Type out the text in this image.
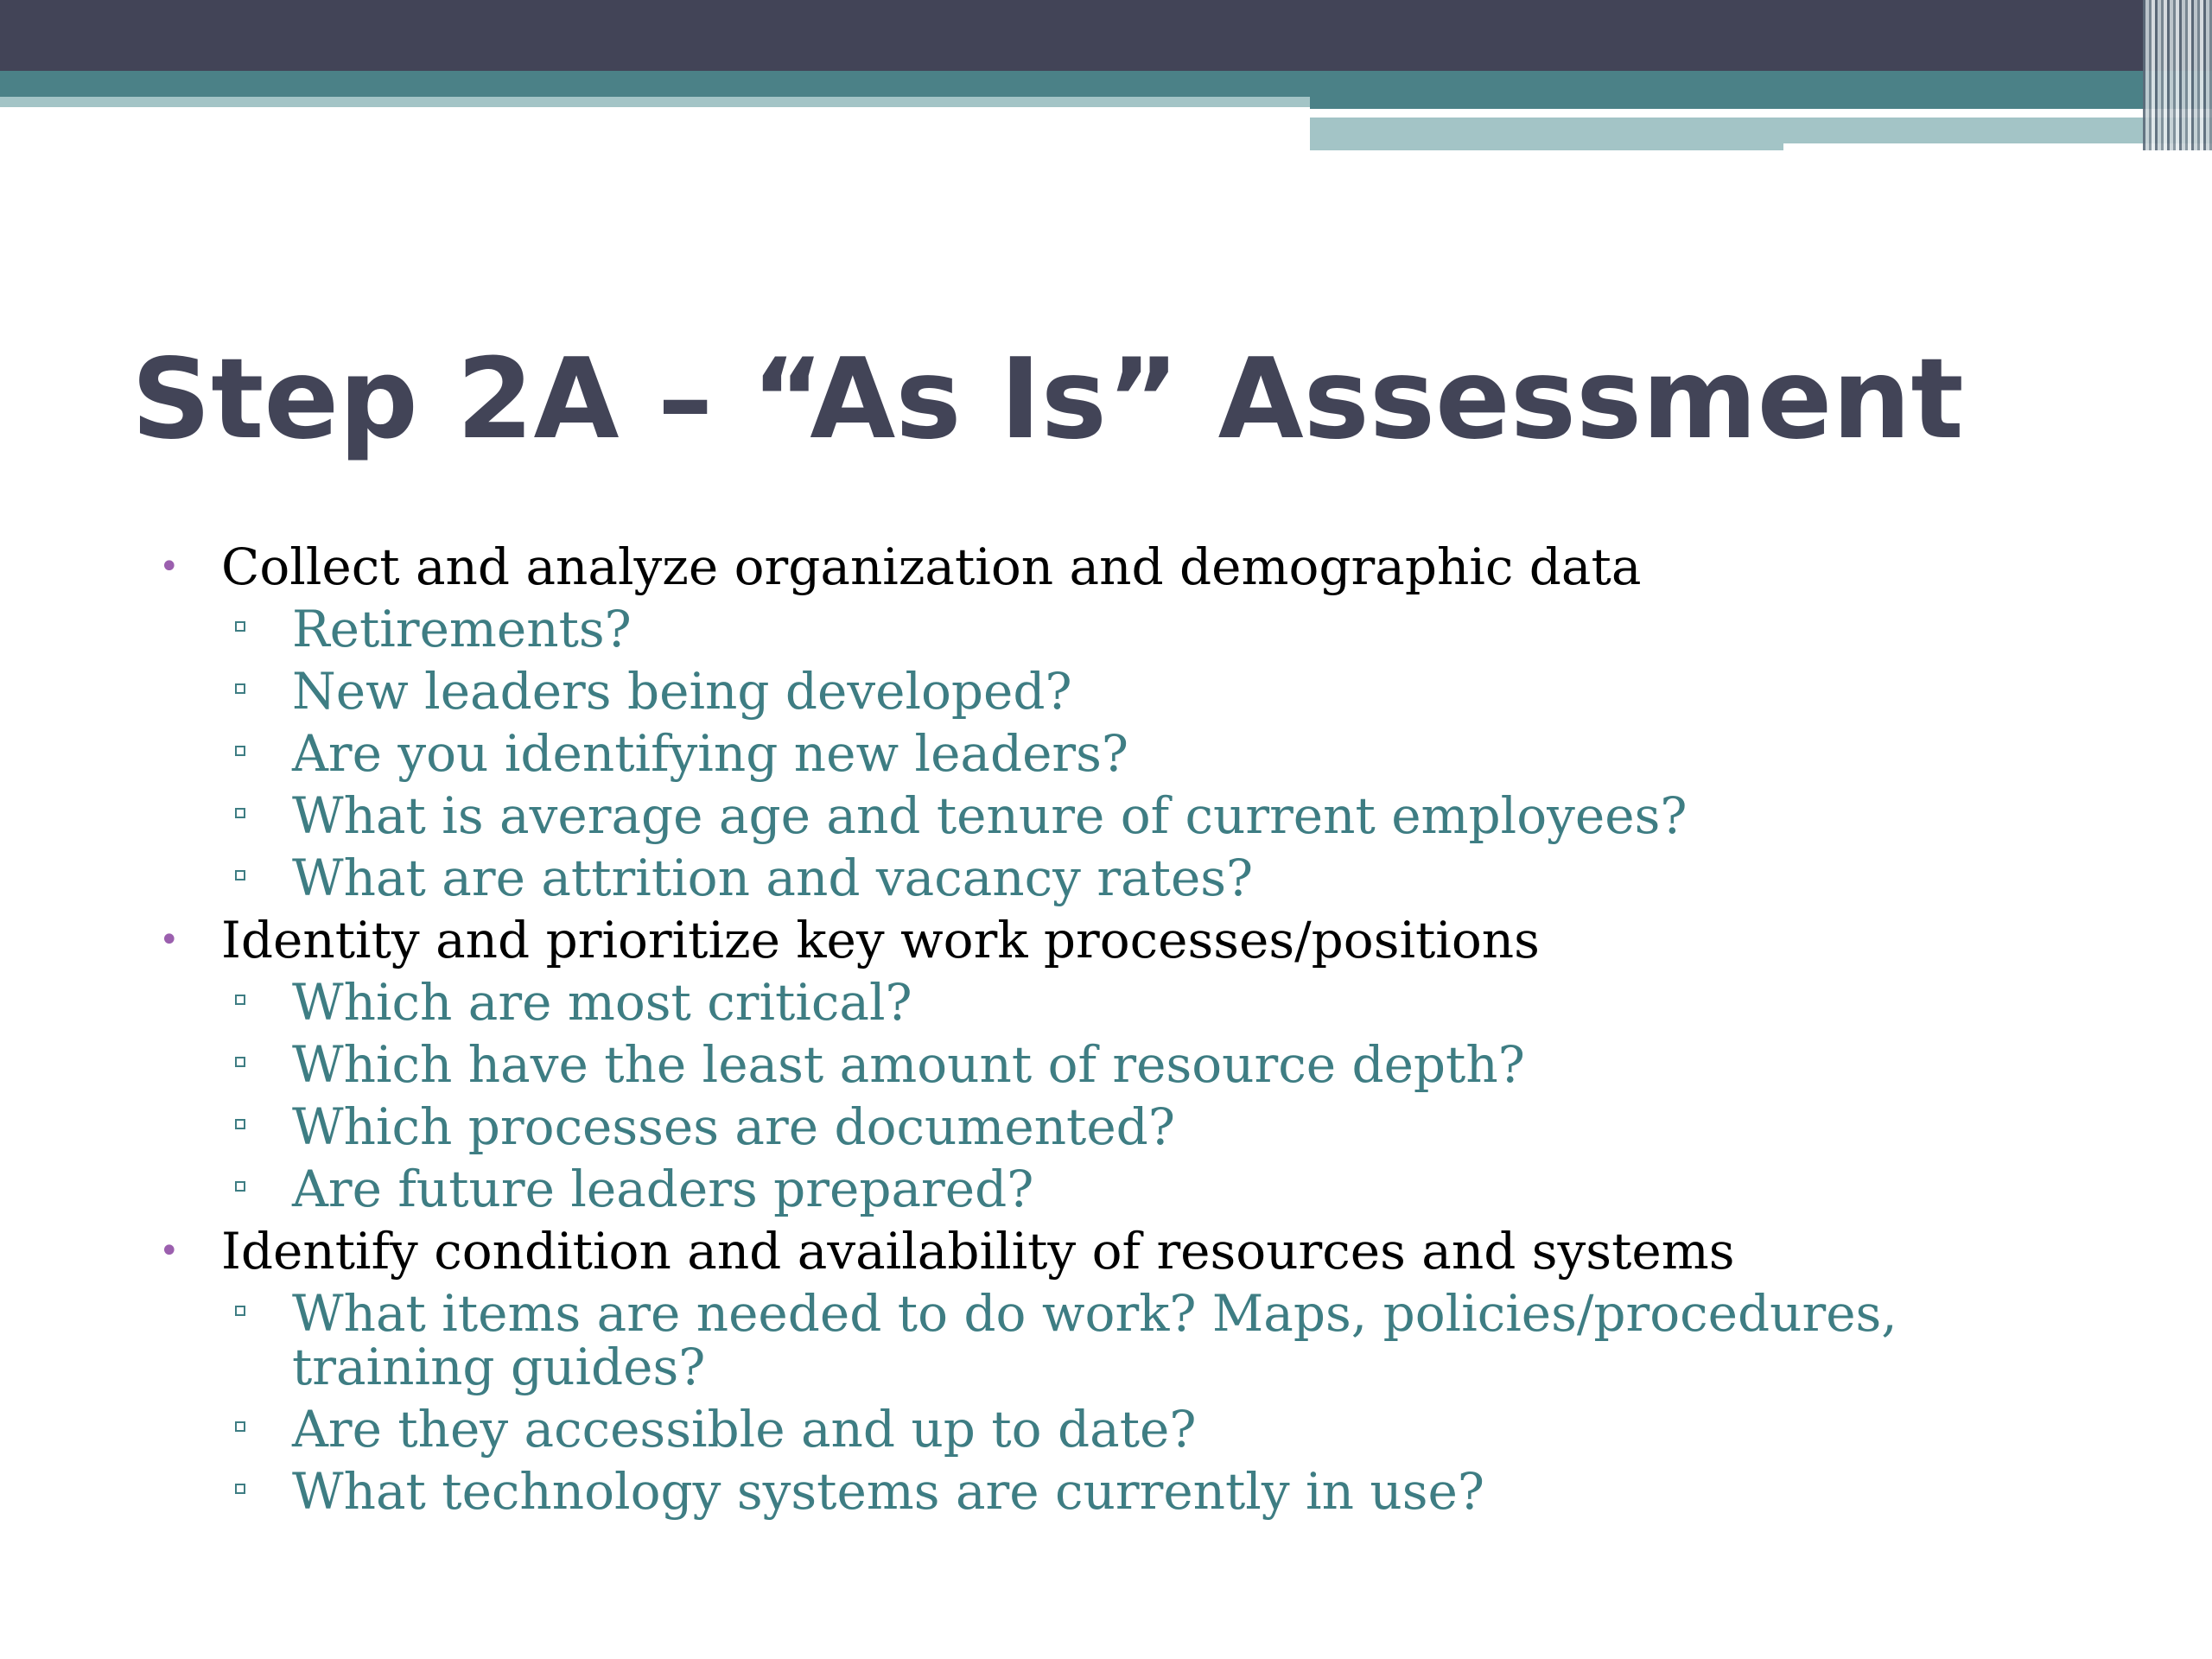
Step 2A – “As Is” Assessment
• Collect and analyze organization and demographic data
Retirements?
New leaders being developed?
Are you identifying new leaders?
What is average age and tenure of current employees?
What are attrition and vacancy rates?
• Identity and prioritize key work processes/positions
Which are most critical?
Which have the least amount of resource depth?
Which processes are documented?
Are future leaders prepared?
• Identify condition and availability of resources and systems
What items are needed to do work? Maps, policies/procedures, training guides?
Are they accessible and up to date?
What technology systems are currently in use?
